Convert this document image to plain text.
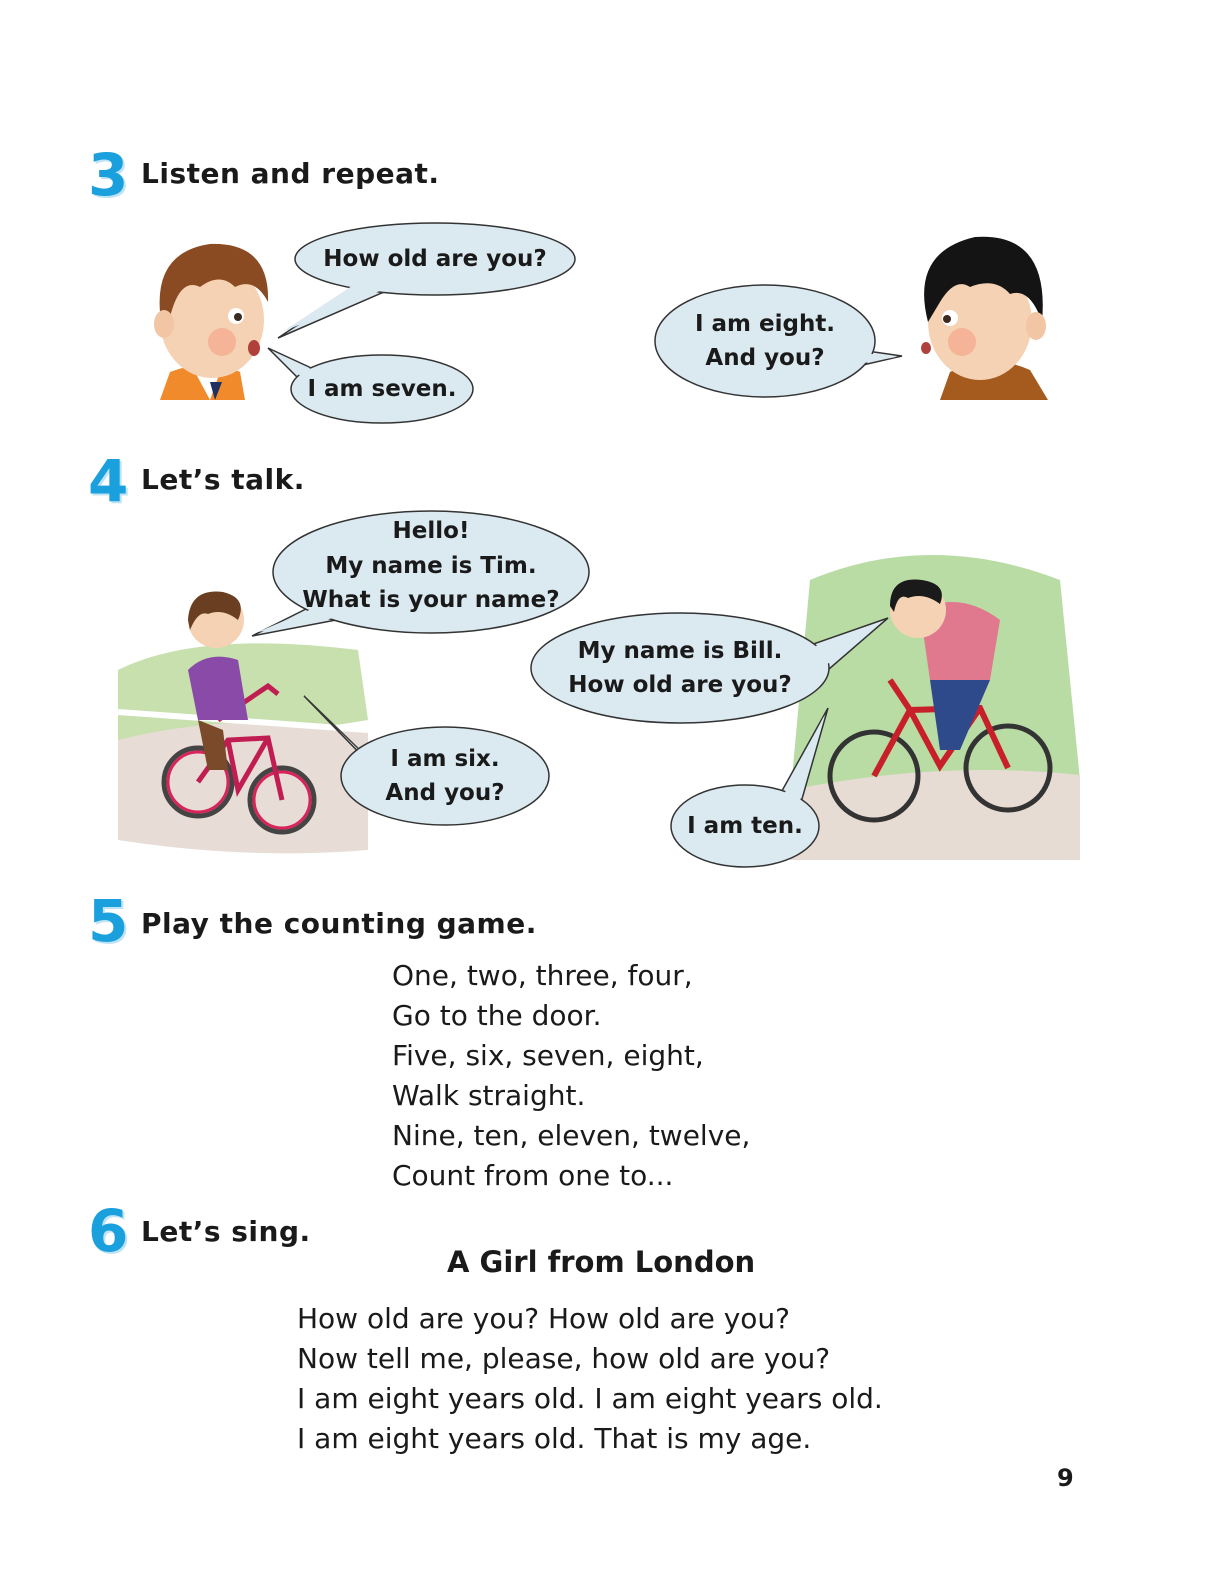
3 Listen and repeat.
How old are you?
I am seven.
I am eight.
And you?
4 Let’s talk.
Hello!
My name is Tim.
What is your name?
I am six.
And you?
My name is Bill.
How old are you?
I am ten.
5 Play the counting game.
One, two, three, four,
Go to the door.
Five, six, seven, eight,
Walk straight.
Nine, ten, eleven, twelve,
Count from one to...
6 Let’s sing.
A Girl from London
How old are you? How old are you?
Now tell me, please, how old are you?
I am eight years old. I am eight years old.
I am eight years old. That is my age.
9
